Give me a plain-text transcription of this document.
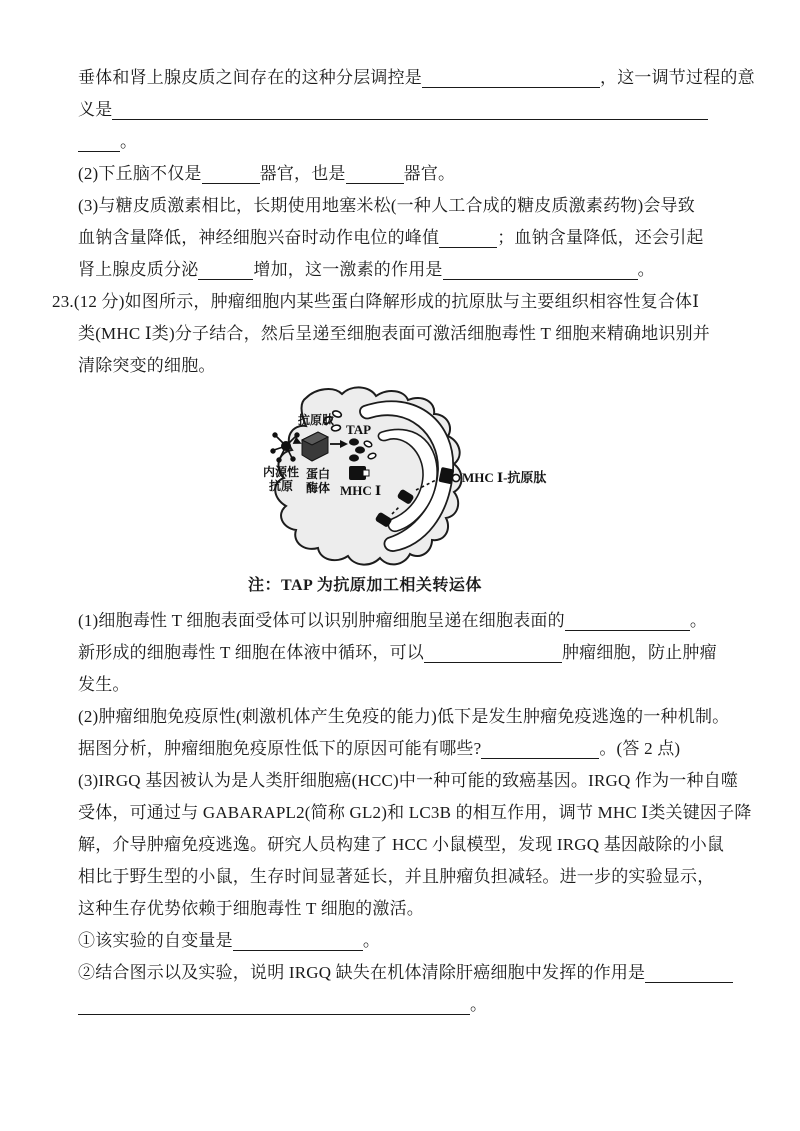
垂体和肾上腺皮质之间存在的这种分层调控是	，这一调节过程的意
义是
。
(2)下丘脑不仅是	器官，也是	器官。
(3)与糖皮质激素相比，长期使用地塞米松(一种人工合成的糖皮质激素药物)会导致
血钠含量降低，神经细胞兴奋时动作电位的峰值	；血钠含量降低，还会引起
肾上腺皮质分泌	增加，这一激素的作用是	。
23.(12 分)如图所示，肿瘤细胞内某些蛋白降解形成的抗原肽与主要组织相容性复合体Ⅰ
类(MHC Ⅰ类)分子结合，然后呈递至细胞表面可激活细胞毒性 T 细胞来精确地识别并
清除突变的细胞。
抗原肽
TAP
内源性
抗原
蛋白
酶体 MHC Ⅰ
MHC Ⅰ-抗原肽
注：TAP 为抗原加工相关转运体
(1)细胞毒性 T 细胞表面受体可以识别肿瘤细胞呈递在细胞表面的	。
新形成的细胞毒性 T 细胞在体液中循环，可以	肿瘤细胞，防止肿瘤
发生。
(2)肿瘤细胞免疫原性(刺激机体产生免疫的能力)低下是发生肿瘤免疫逃逸的一种机制。
据图分析，肿瘤细胞免疫原性低下的原因可能有哪些?	。(答 2 点)
(3)IRGQ 基因被认为是人类肝细胞癌(HCC)中一种可能的致癌基因。IRGQ 作为一种自噬
受体，可通过与 GABARAPL2(简称 GL2)和 LC3B 的相互作用，调节 MHC Ⅰ类关键因子降
解，介导肿瘤免疫逃逸。研究人员构建了 HCC 小鼠模型，发现 IRGQ 基因敲除的小鼠
相比于野生型的小鼠，生存时间显著延长，并且肿瘤负担减轻。进一步的实验显示，
这种生存优势依赖于细胞毒性 T 细胞的激活。
①该实验的自变量是	。
②结合图示以及实验，说明 IRGQ 缺失在机体清除肝癌细胞中发挥的作用是
。
